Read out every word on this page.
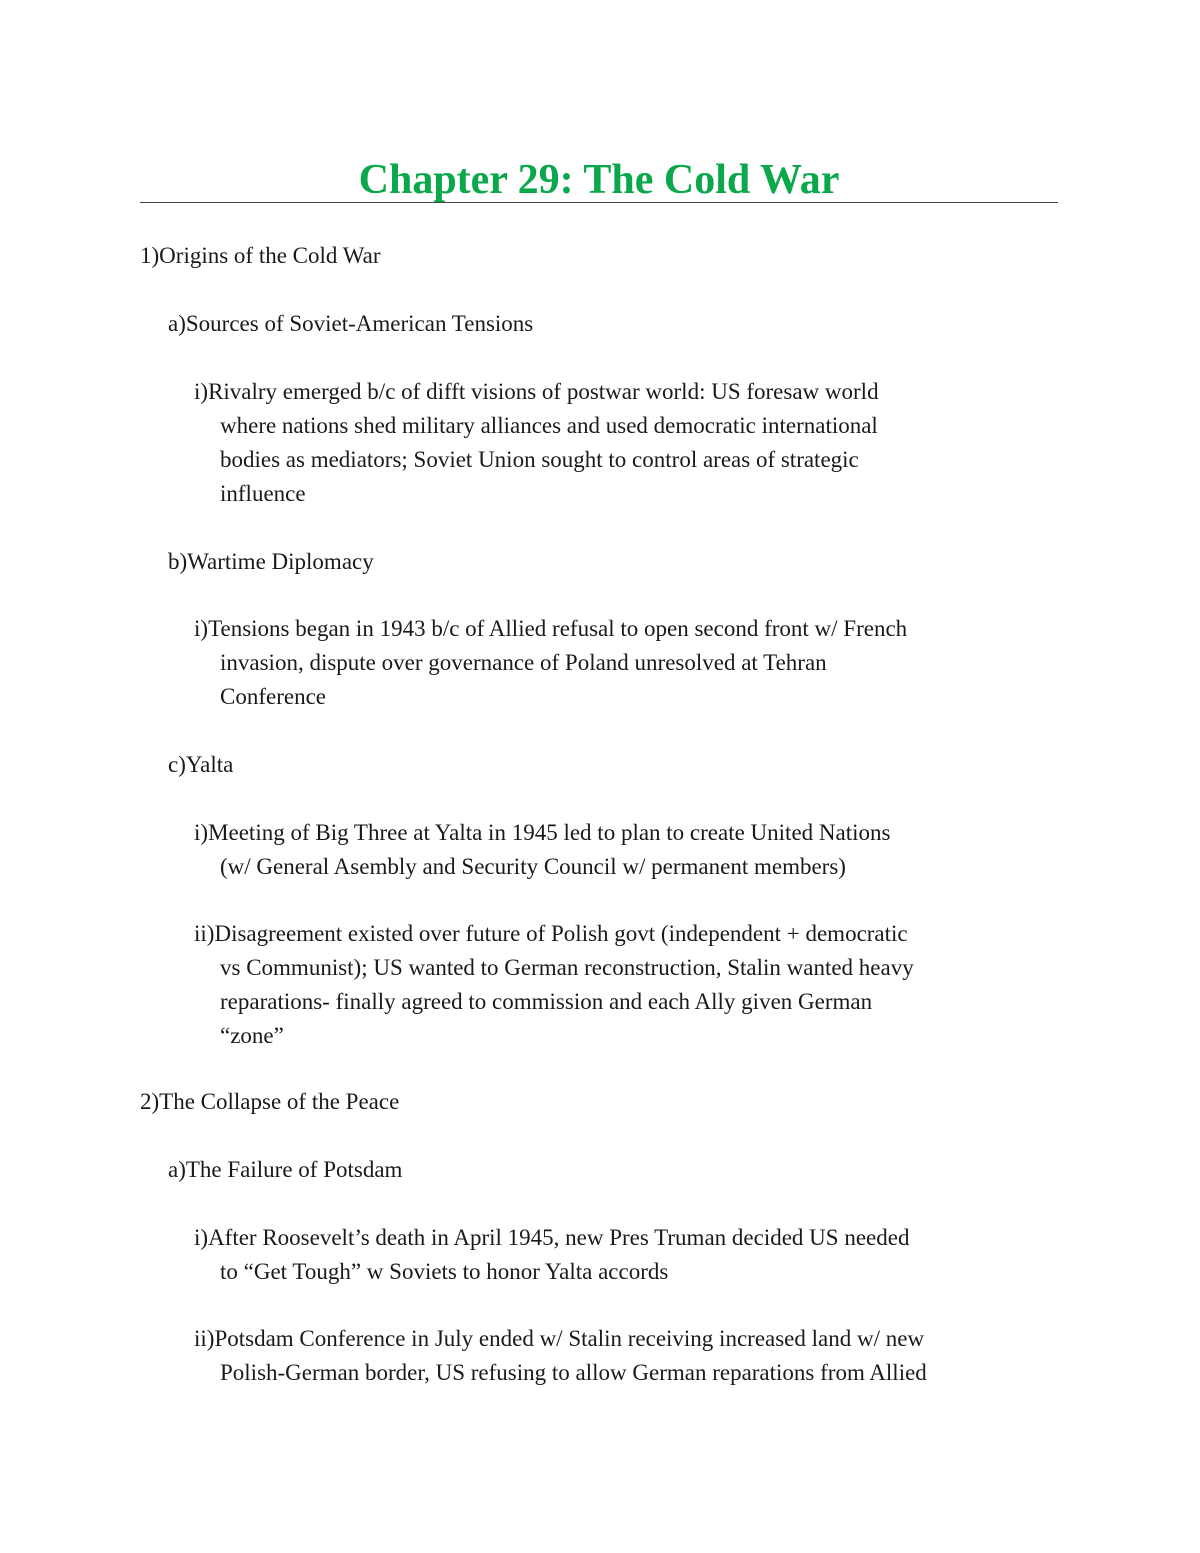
Chapter 29: The Cold War

1)Origins of the Cold War

a)Sources of Soviet-American Tensions

i)Rivalry emerged b/c of difft visions of postwar world: US foresaw world
where nations shed military alliances and used democratic international
bodies as mediators; Soviet Union sought to control areas of strategic
influence

b)Wartime Diplomacy

i)Tensions began in 1943 b/c of Allied refusal to open second front w/ French
invasion, dispute over governance of Poland unresolved at Tehran
Conference

c)Yalta

i)Meeting of Big Three at Yalta in 1945 led to plan to create United Nations
(w/ General Asembly and Security Council w/ permanent members)
ii)Disagreement existed over future of Polish govt (independent + democratic
vs Communist); US wanted to German reconstruction, Stalin wanted heavy
reparations- finally agreed to commission and each Ally given German
“zone”

2)The Collapse of the Peace

a)The Failure of Potsdam

i)After Roosevelt’s death in April 1945, new Pres Truman decided US needed
to “Get Tough” w Soviets to honor Yalta accords
ii)Potsdam Conference in July ended w/ Stalin receiving increased land w/ new
Polish-German border, US refusing to allow German reparations from Allied
